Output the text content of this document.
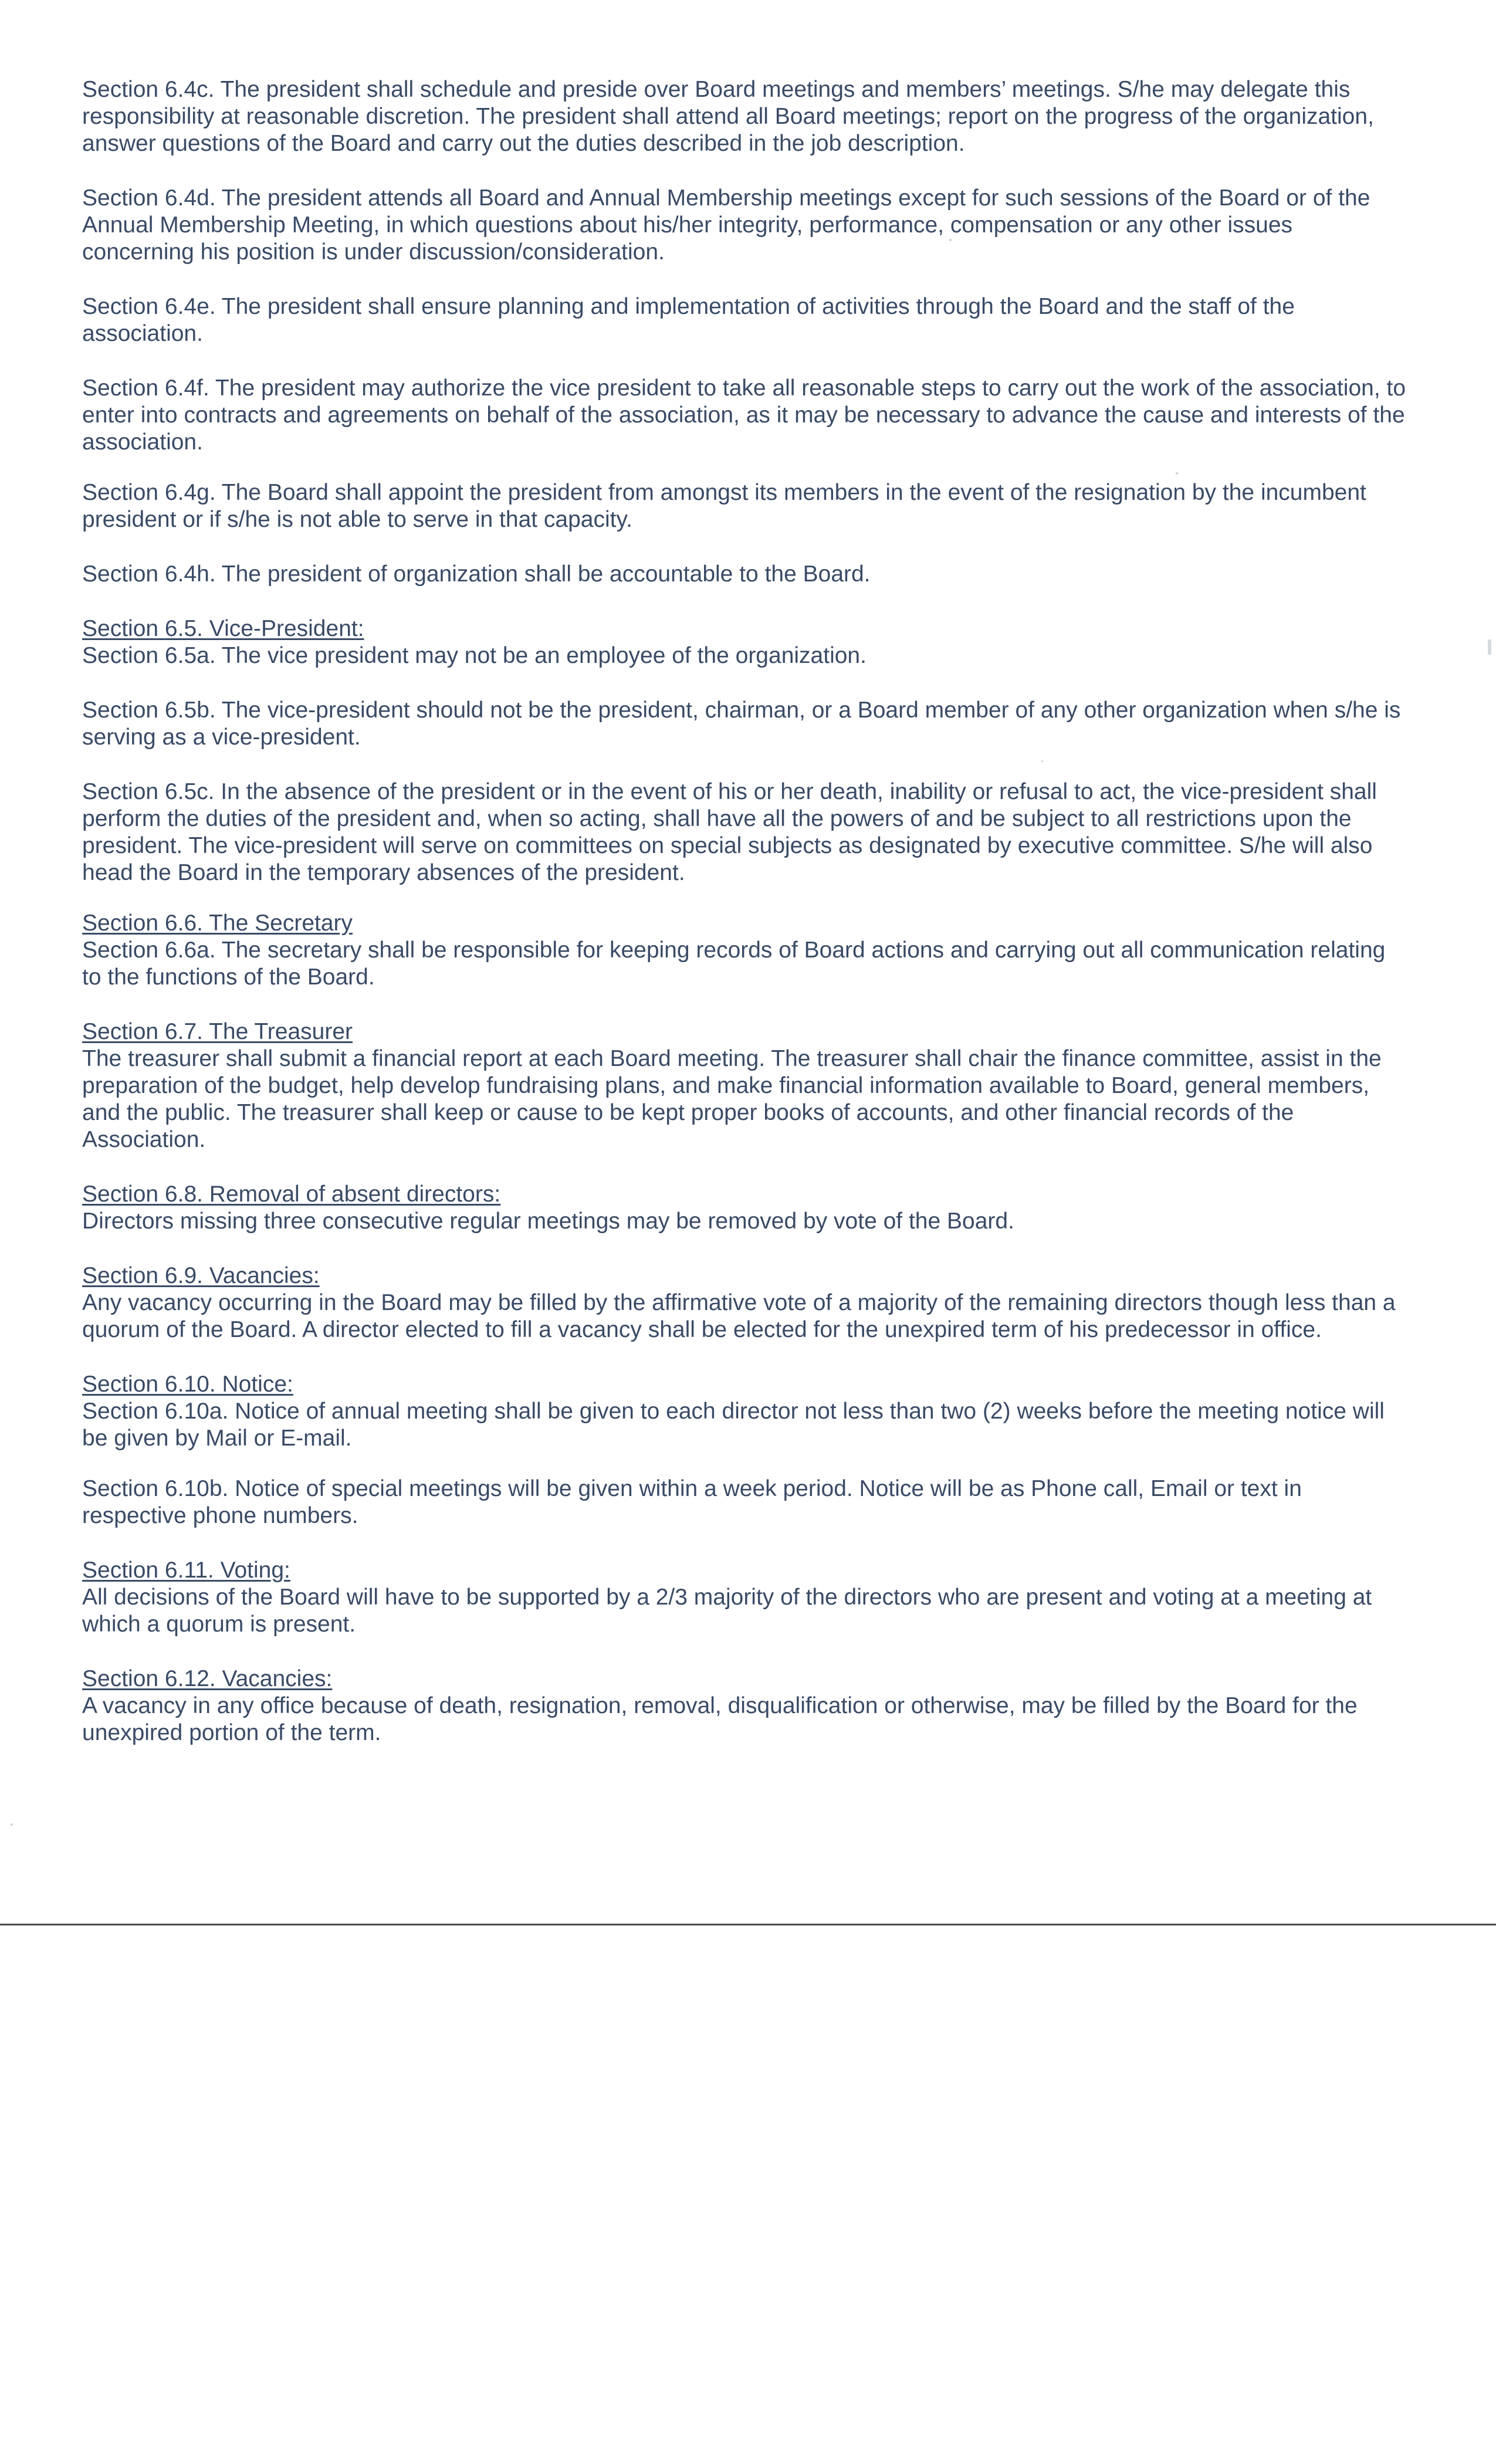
Section 6.4c. The president shall schedule and preside over Board meetings and members’ meetings. S/he may delegate this responsibility at reasonable discretion. The president shall attend all Board meetings; report on the progress of the organization, answer questions of the Board and carry out the duties described in the job description.

Section 6.4d. The president attends all Board and Annual Membership meetings except for such sessions of the Board or of the Annual Membership Meeting, in which questions about his/her integrity, performance, compensation or any other issues concerning his position is under discussion/consideration.

Section 6.4e. The president shall ensure planning and implementation of activities through the Board and the staff of the association.

Section 6.4f. The president may authorize the vice president to take all reasonable steps to carry out the work of the association, to enter into contracts and agreements on behalf of the association, as it may be necessary to advance the cause and interests of the association.

Section 6.4g. The Board shall appoint the president from amongst its members in the event of the resignation by the incumbent president or if s/he is not able to serve in that capacity.

Section 6.4h. The president of organization shall be accountable to the Board.

Section 6.5. Vice-President:

Section 6.5a. The vice president may not be an employee of the organization.

Section 6.5b. The vice-president should not be the president, chairman, or a Board member of any other organization when s/he is serving as a vice-president.

Section 6.5c. In the absence of the president or in the event of his or her death, inability or refusal to act, the vice-president shall perform the duties of the president and, when so acting, shall have all the powers of and be subject to all restrictions upon the president. The vice-president will serve on committees on special subjects as designated by executive committee. S/he will also head the Board in the temporary absences of the president.

Section 6.6. The Secretary

Section 6.6a. The secretary shall be responsible for keeping records of Board actions and carrying out all communication relating to the functions of the Board.

Section 6.7. The Treasurer

The treasurer shall submit a financial report at each Board meeting. The treasurer shall chair the finance committee, assist in the preparation of the budget, help develop fundraising plans, and make financial information available to Board, general members, and the public. The treasurer shall keep or cause to be kept proper books of accounts, and other financial records of the Association.

Section 6.8. Removal of absent directors:

Directors missing three consecutive regular meetings may be removed by vote of the Board.

Section 6.9. Vacancies:

Any vacancy occurring in the Board may be filled by the affirmative vote of a majority of the remaining directors though less than a quorum of the Board. A director elected to fill a vacancy shall be elected for the unexpired term of his predecessor in office.

Section 6.10. Notice:

Section 6.10a. Notice of annual meeting shall be given to each director not less than two (2) weeks before the meeting notice will be given by Mail or E-mail.

Section 6.10b. Notice of special meetings will be given within a week period. Notice will be as Phone call, Email or text in respective phone numbers.

Section 6.11. Voting:

All decisions of the Board will have to be supported by a 2/3 majority of the directors who are present and voting at a meeting at which a quorum is present.

Section 6.12. Vacancies:

A vacancy in any office because of death, resignation, removal, disqualification or otherwise, may be filled by the Board for the unexpired portion of the term.
